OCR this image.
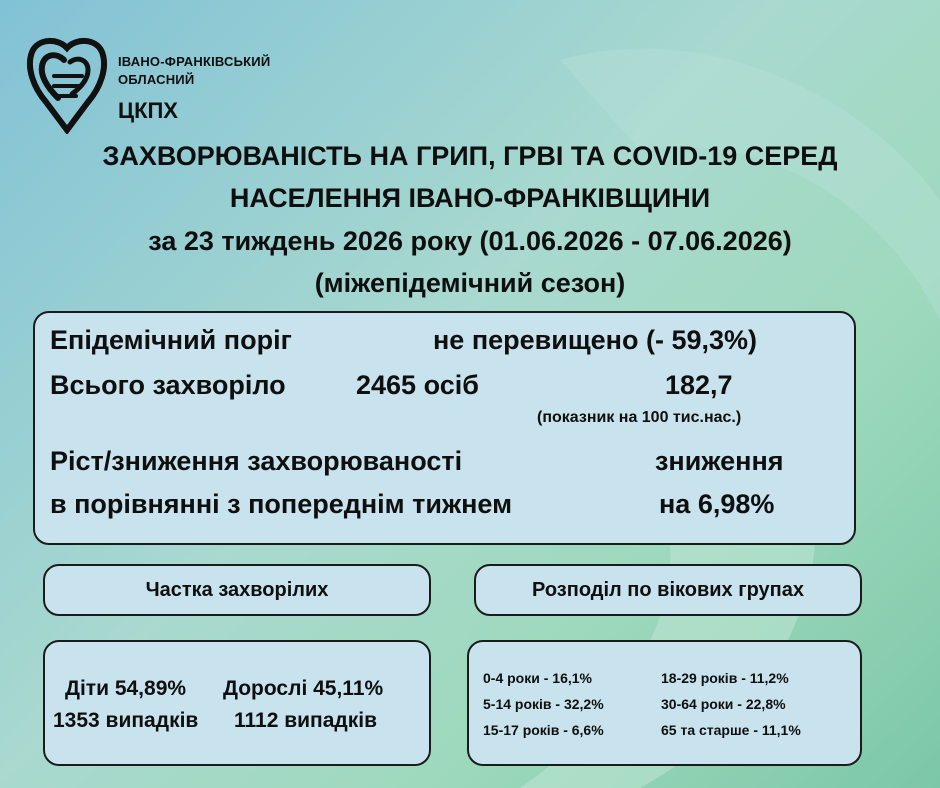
ІВАНО-ФРАНКІВСЬКИЙ
ОБЛАСНИЙ
ЦКПХ
ЗАХВОРЮВАНІСТЬ НА ГРИП, ГРВІ ТА COVID-19 СЕРЕД
НАСЕЛЕННЯ ІВАНО-ФРАНКІВЩИНИ
за 23 тиждень 2026 року (01.06.2026 - 07.06.2026)
(міжепідемічний сезон)
Епідемічний поріг	не перевищено (- 59,3%)
Всього захворіло	2465 осіб	182,7
(показник на 100 тис.нас.)
Ріст/зниження захворюваності	зниження
в порівнянні з попереднім тижнем	на 6,98%
Частка захворілих	Розподіл по вікових групах
Діти 54,89% Дорослі 45,11%
1353 випадків 1112 випадків
0-4 роки - 16,1%
5-14 років - 32,2%
15-17 років - 6,6%
18-29 років - 11,2%
30-64 роки - 22,8%
65 та старше - 11,1%
